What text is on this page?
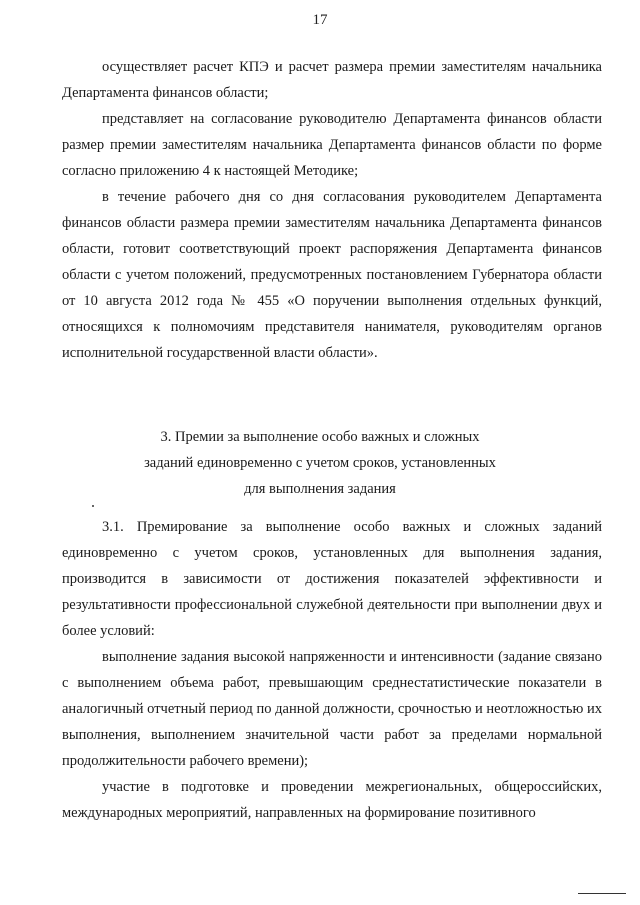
17

осуществляет расчет КПЭ и расчет размера премии заместителям начальника Департамента финансов области;

представляет на согласование руководителю Департамента финансов области размер премии заместителям начальника Департамента финансов области по форме согласно приложению 4 к настоящей Методике;

в течение рабочего дня со дня согласования руководителем Департамента финансов области размера премии заместителям начальника Департамента финансов области, готовит соответствующий проект распоряжения Департамента финансов области с учетом положений, предусмотренных постановлением Губернатора области от 10 августа 2012 года № 455 «О поручении выполнения отдельных функций, относящихся к полномочиям представителя нанимателя, руководителям органов исполнительной государственной власти области».

3. Премии за выполнение особо важных и сложных
заданий единовременно с учетом сроков, установленных
для выполнения задания

3.1. Премирование за выполнение особо важных и сложных заданий единовременно с учетом сроков, установленных для выполнения задания, производится в зависимости от достижения показателей эффективности и результативности профессиональной служебной деятельности при выполнении двух и более условий:

выполнение задания высокой напряженности и интенсивности (задание связано с выполнением объема работ, превышающим среднестатистические показатели в аналогичный отчетный период по данной должности, срочностью и неотложностью их выполнения, выполнением значительной части работ за пределами нормальной продолжительности рабочего времени);

участие в подготовке и проведении межрегиональных, общероссийских, международных мероприятий, направленных на формирование позитивного
